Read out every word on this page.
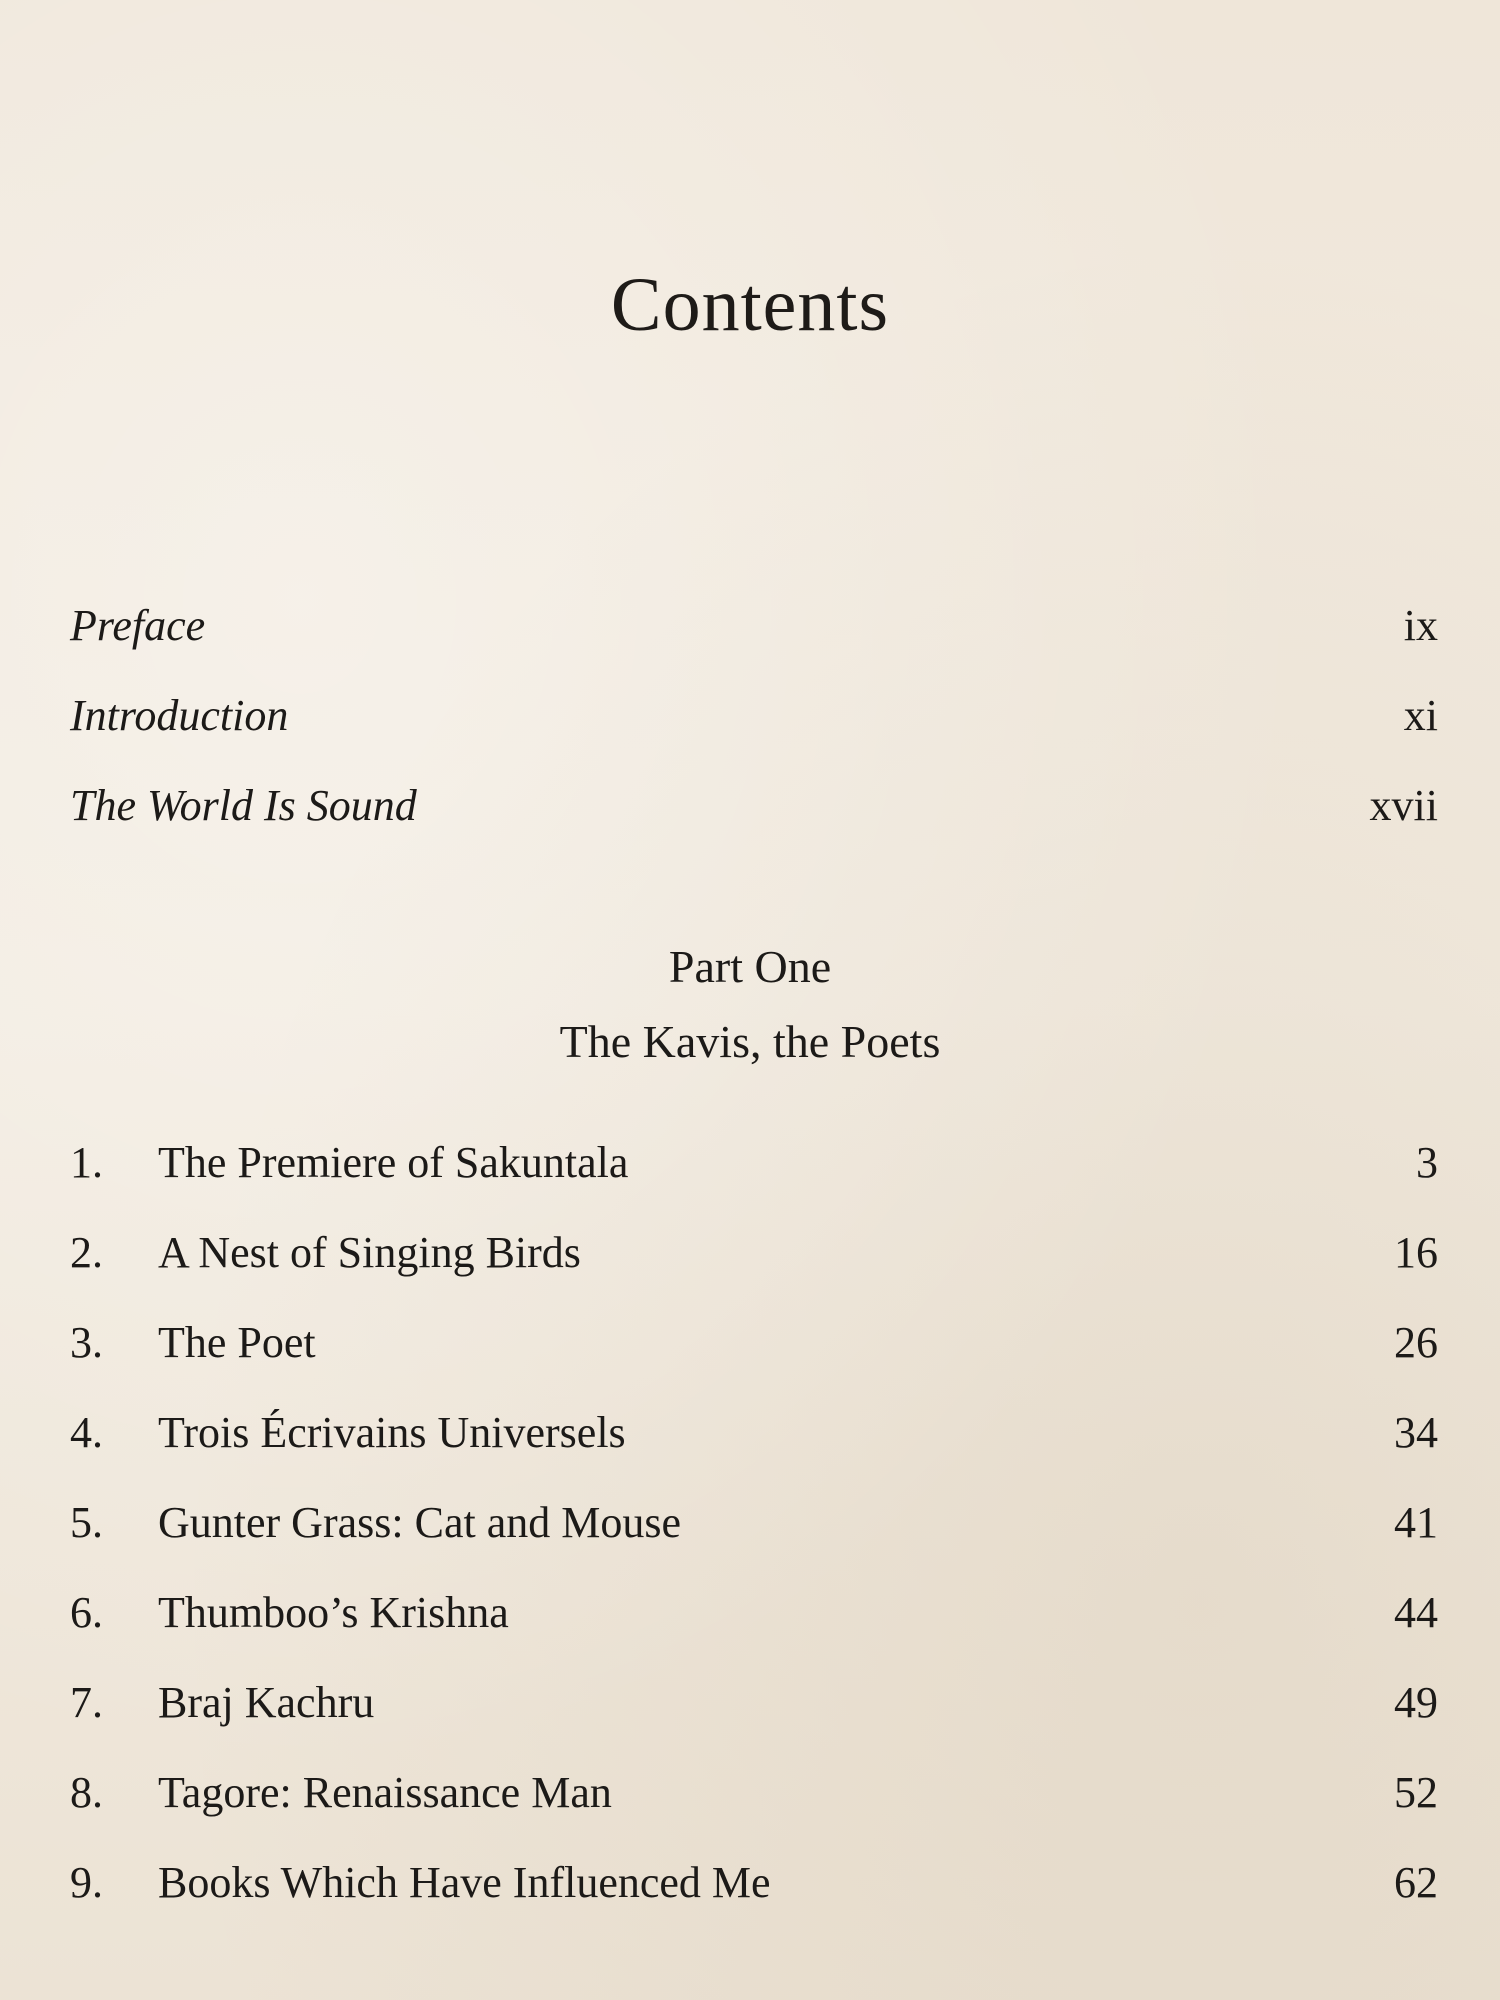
Contents
Preface	ix
Introduction	xi
The World Is Sound	xvii
Part One
The Kavis, the Poets
1. The Premiere of Sakuntala	3
2. A Nest of Singing Birds	16
3. The Poet	26
4. Trois Écrivains Universels	34
5. Gunter Grass: Cat and Mouse	41
6. Thumboo’s Krishna	44
7. Braj Kachru	49
8. Tagore: Renaissance Man	52
9. Books Which Have Influenced Me	62
